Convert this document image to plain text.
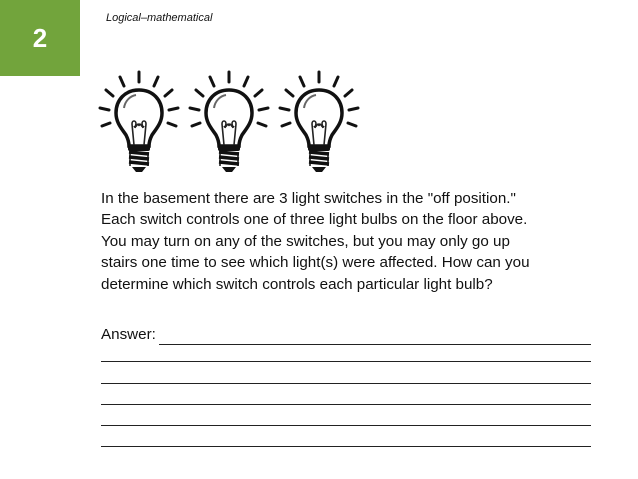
2
Logical–mathematical
In the basement there are 3 light switches in the "off position."
Each switch controls one of three light bulbs on the floor above.
You may turn on any of the switches, but you may only go up
stairs one time to see which light(s) were affected. How can you
determine which switch controls each particular light bulb?
Answer:
